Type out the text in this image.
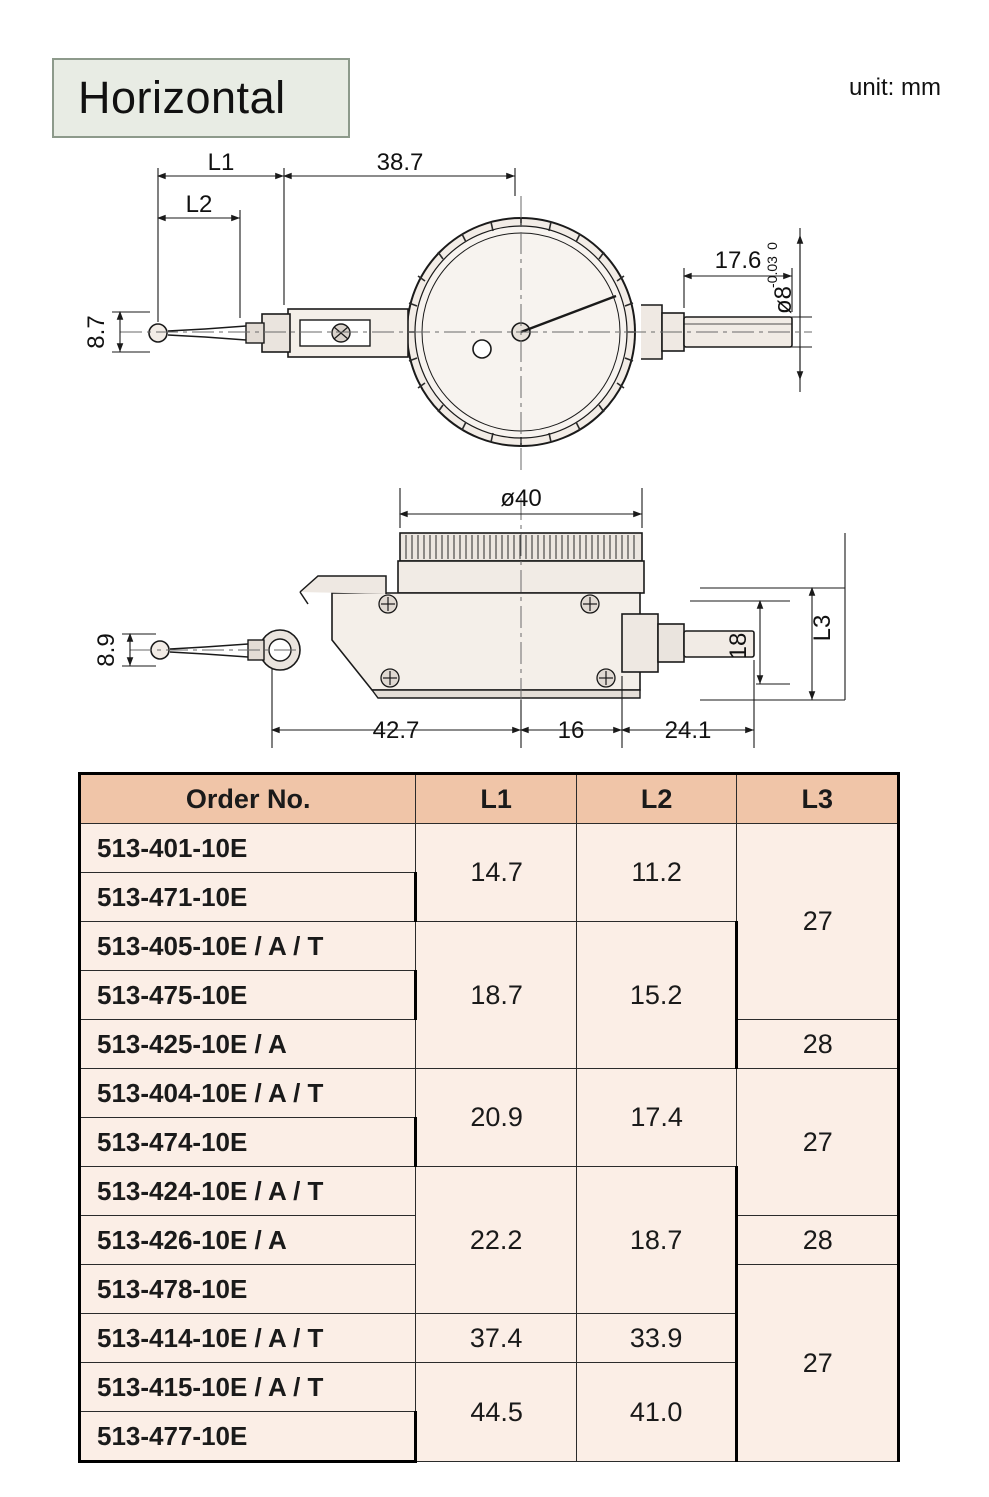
Horizontal	unit: mm
L1	38.7
L2
8.7
17.6
ø8
0
-0.03
ø40
8.9	18
L3
42.7	16	24.1
Order No.	L1	L2	L3
513-401-10E	14.7	11.2	27
513-471-10E			
513-405-10E / A / T	18.7	15.2	
513-475-10E			
513-425-10E / A			28
513-404-10E / A / T	20.9	17.4	27
513-474-10E			
513-424-10E / A / T	22.2	18.7	
513-426-10E / A			28
513-478-10E			27
513-414-10E / A / T	37.4	33.9	
513-415-10E / A / T	44.5	41.0	
513-477-10E			
